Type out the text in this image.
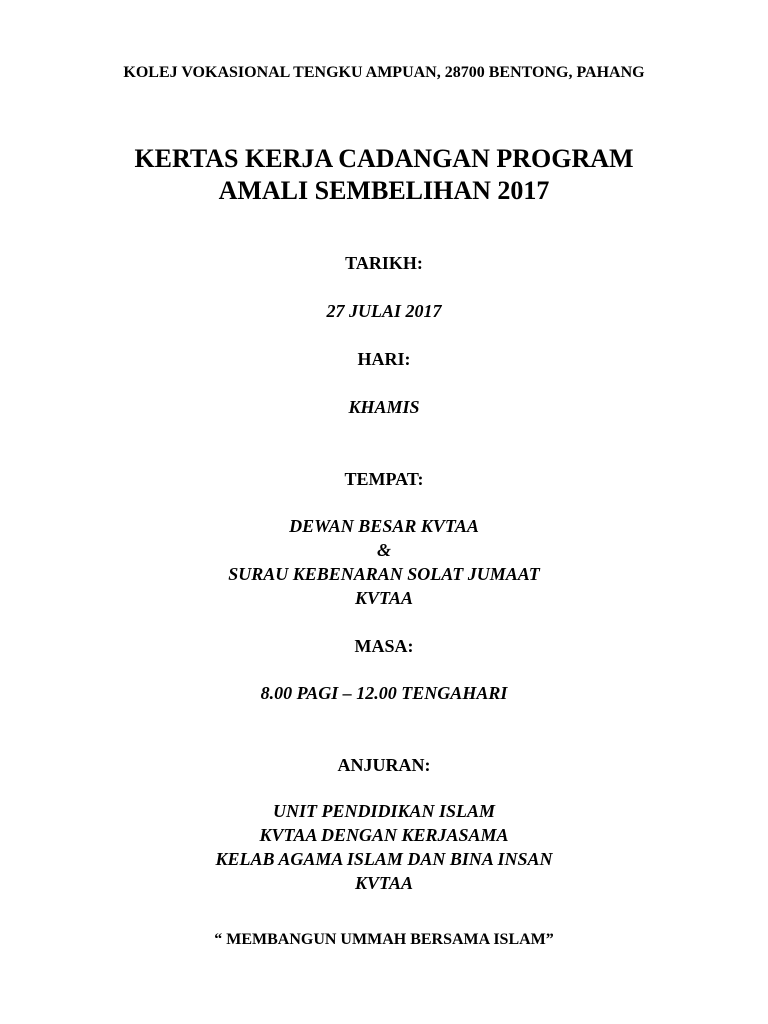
KOLEJ VOKASIONAL TENGKU AMPUAN, 28700 BENTONG, PAHANG
KERTAS KERJA CADANGAN PROGRAM
AMALI SEMBELIHAN 2017
TARIKH:
27 JULAI 2017
HARI:
KHAMIS
TEMPAT:
DEWAN BESAR KVTAA
&
SURAU KEBENARAN SOLAT JUMAAT
KVTAA
MASA:
8.00 PAGI – 12.00 TENGAHARI
ANJURAN:
UNIT PENDIDIKAN ISLAM
KVTAA DENGAN KERJASAMA
KELAB AGAMA ISLAM DAN BINA INSAN
KVTAA
“ MEMBANGUN UMMAH BERSAMA ISLAM”
